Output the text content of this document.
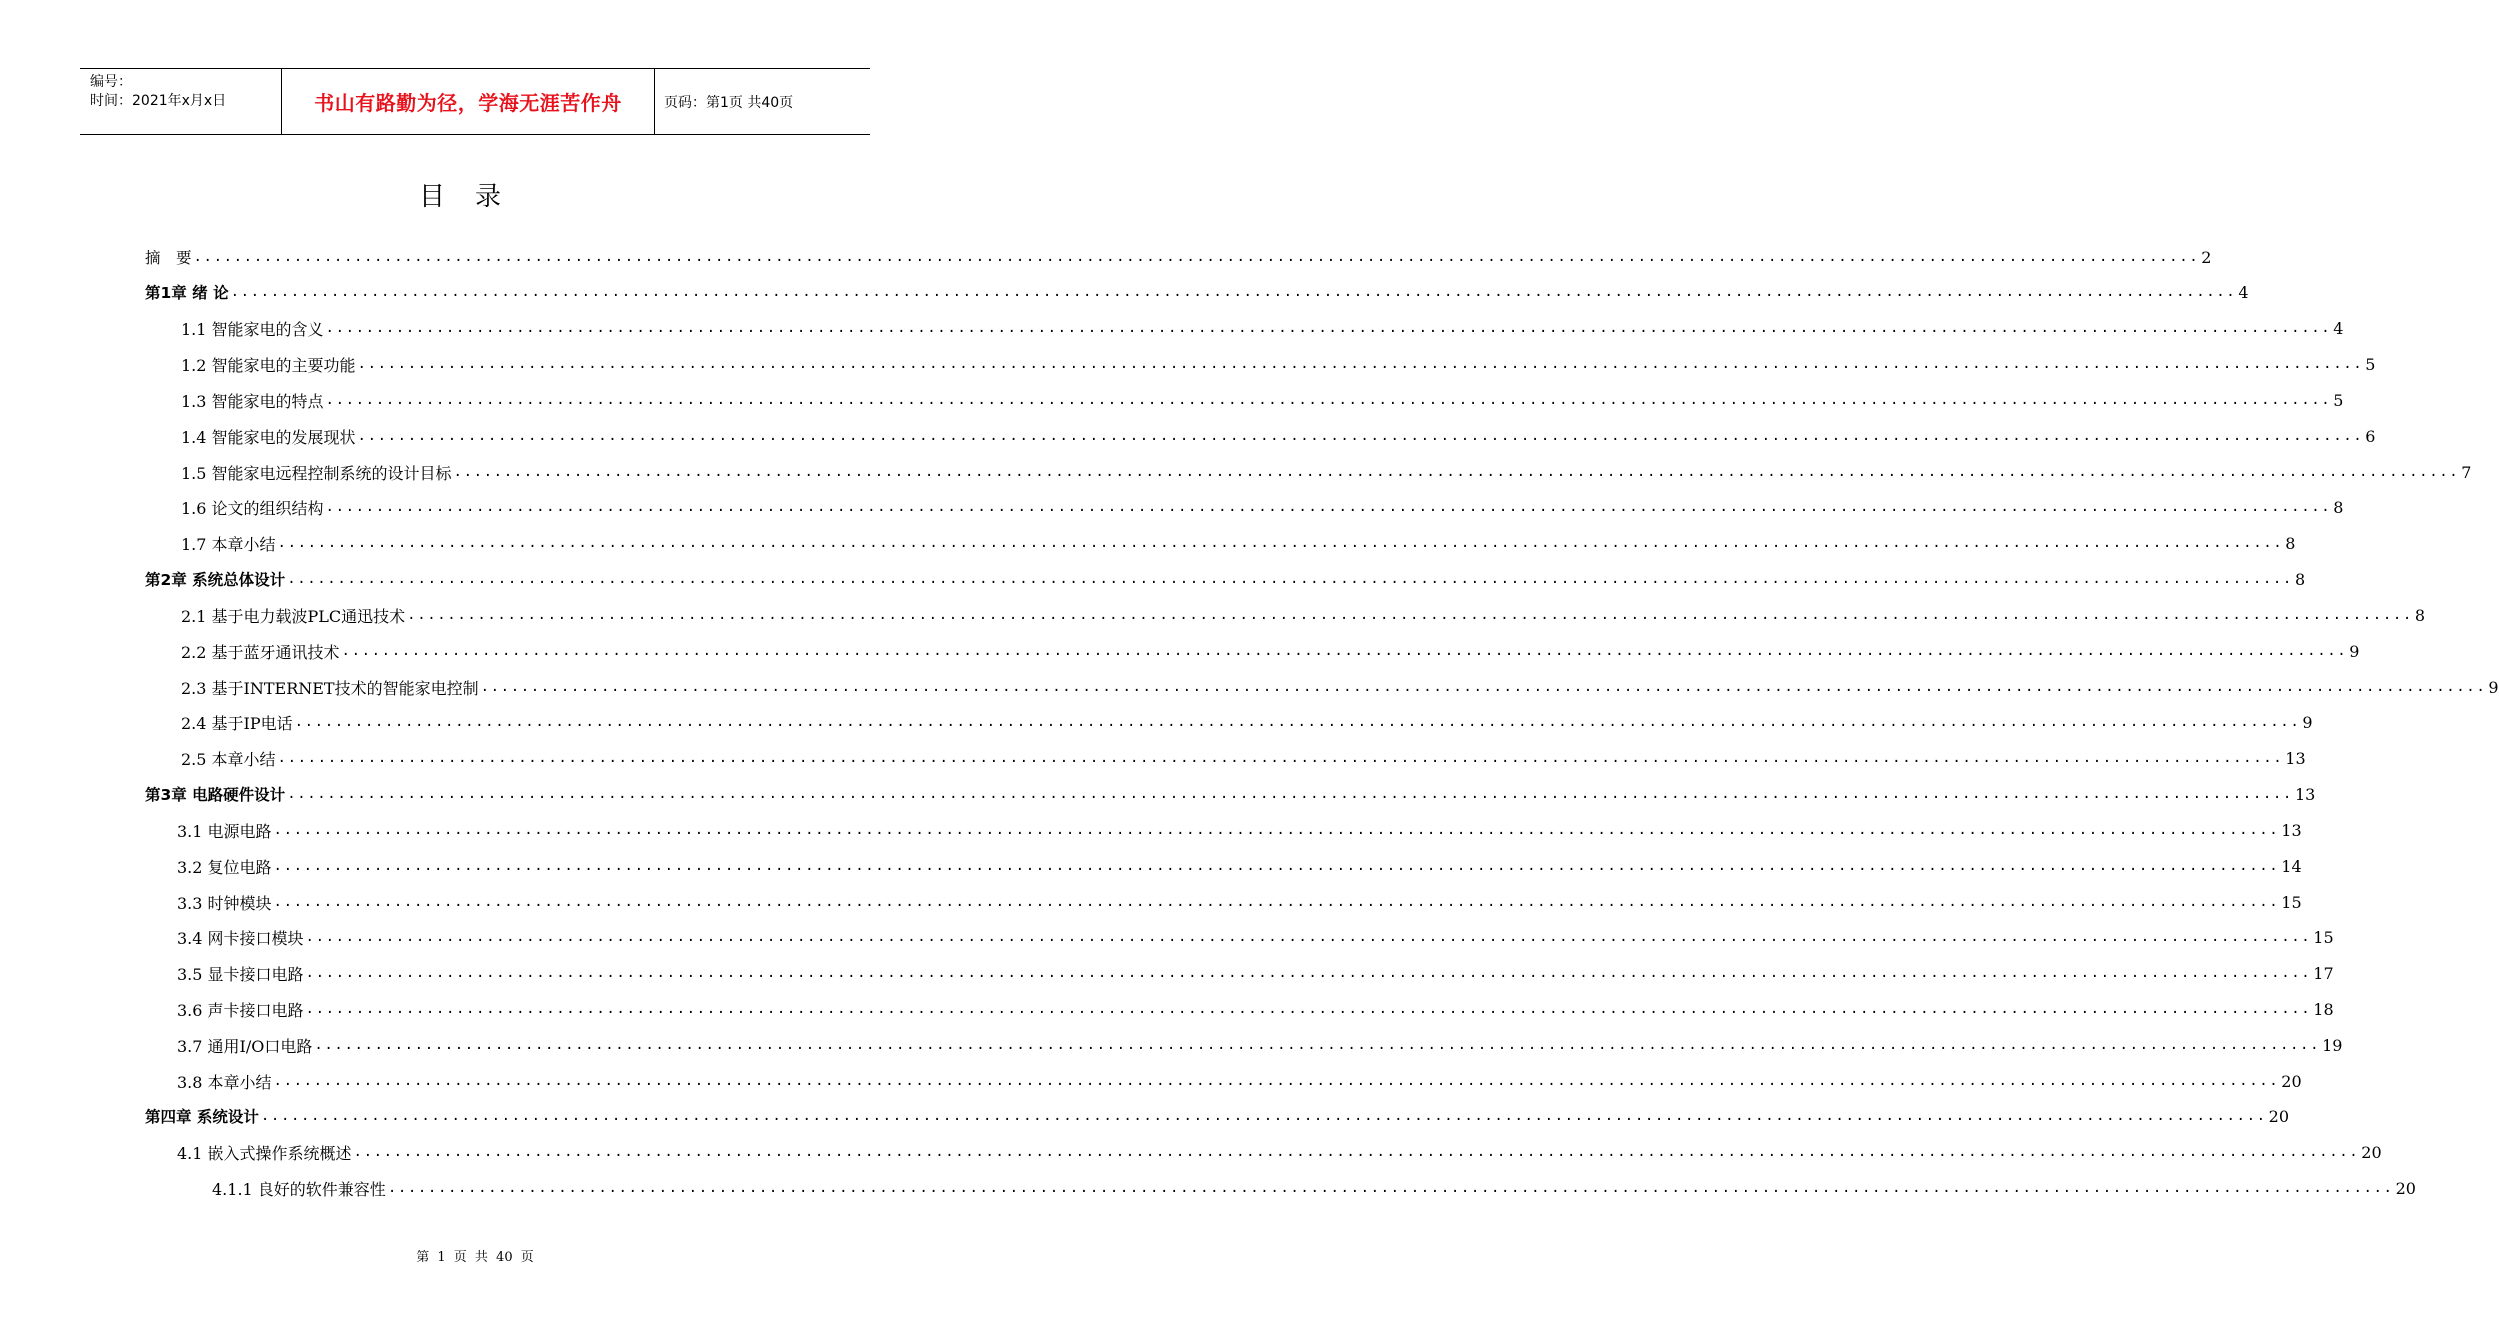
编号：
时间：2021年x月x日	书山有路勤为径，学海无涯苦作舟	页码：第1页 共40页
目录
摘　要 ........................................................................................................................................................................................................ 2
第1章 绪 论 ........................................................................................................................................................................................................ 4
1.1 智能家电的含义 ........................................................................................................................................................................................................ 4
1.2 智能家电的主要功能 ........................................................................................................................................................................................................ 5
1.3 智能家电的特点 ........................................................................................................................................................................................................ 5
1.4 智能家电的发展现状 ........................................................................................................................................................................................................ 6
1.5 智能家电远程控制系统的设计目标 ........................................................................................................................................................................................................ 7
1.6 论文的组织结构 ........................................................................................................................................................................................................ 8
1.7 本章小结 ........................................................................................................................................................................................................ 8
第2章 系统总体设计 ........................................................................................................................................................................................................ 8
2.1 基于电力载波PLC通迅技术 ........................................................................................................................................................................................................ 8
2.2 基于蓝牙通讯技术 ........................................................................................................................................................................................................ 9
2.3 基于INTERNET技术的智能家电控制 ........................................................................................................................................................................................................ 9
2.4 基于IP电话 ........................................................................................................................................................................................................ 9
2.5 本章小结 ........................................................................................................................................................................................................ 13
第3章 电路硬件设计 ........................................................................................................................................................................................................ 13
3.1 电源电路 ........................................................................................................................................................................................................ 13
3.2 复位电路 ........................................................................................................................................................................................................ 14
3.3 时钟模块 ........................................................................................................................................................................................................ 15
3.4 网卡接口模块 ........................................................................................................................................................................................................ 15
3.5 显卡接口电路 ........................................................................................................................................................................................................ 17
3.6 声卡接口电路 ........................................................................................................................................................................................................ 18
3.7 通用I/O口电路 ........................................................................................................................................................................................................ 19
3.8 本章小结 ........................................................................................................................................................................................................ 20
第四章 系统设计 ........................................................................................................................................................................................................ 20
4.1 嵌入式操作系统概述 ........................................................................................................................................................................................................ 20
4.1.1 良好的软件兼容性 ........................................................................................................................................................................................................ 20
第 1 页 共 40 页
